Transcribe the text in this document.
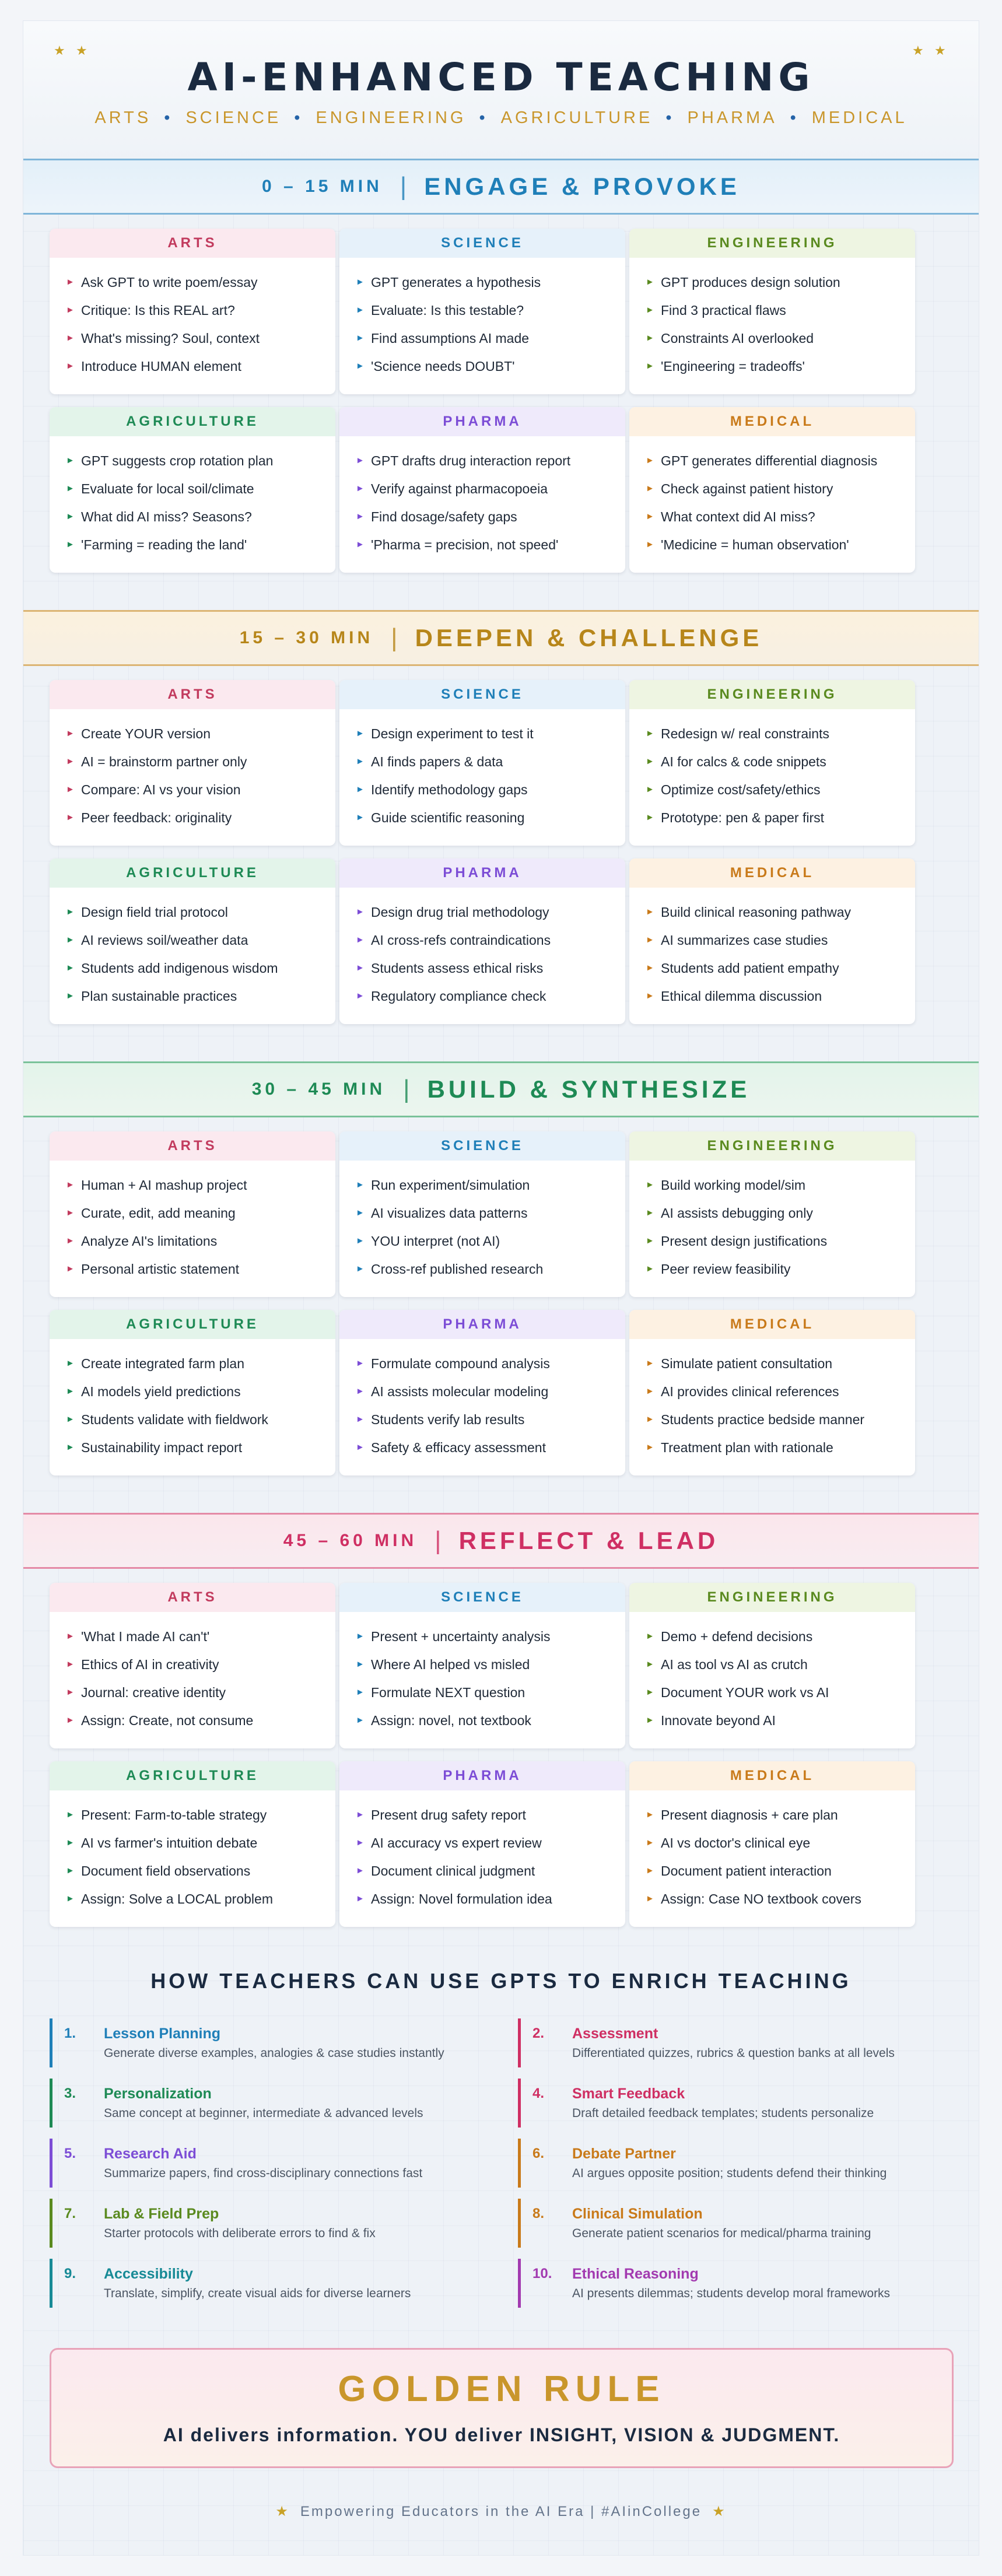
★ ★	★ ★
AI-ENHANCED TEACHING
ARTS • SCIENCE • ENGINEERING • AGRICULTURE • PHARMA • MEDICAL
0 – 15 MIN | ENGAGE & PROVOKE
ARTS
► Ask GPT to write poem/essay
► Critique: Is this REAL art?
► What's missing? Soul, context
► Introduce HUMAN element
SCIENCE
► GPT generates a hypothesis
► Evaluate: Is this testable?
► Find assumptions AI made
► 'Science needs DOUBT'
ENGINEERING
► GPT produces design solution
► Find 3 practical flaws
► Constraints AI overlooked
► 'Engineering = tradeoffs'
AGRICULTURE
► GPT suggests crop rotation plan
► Evaluate for local soil/climate
► What did AI miss? Seasons?
► 'Farming = reading the land'
PHARMA
► GPT drafts drug interaction report
► Verify against pharmacopoeia
► Find dosage/safety gaps
► 'Pharma = precision, not speed'
MEDICAL
► GPT generates differential diagnosis
► Check against patient history
► What context did AI miss?
► 'Medicine = human observation'
15 – 30 MIN | DEEPEN & CHALLENGE
ARTS
► Create YOUR version
► AI = brainstorm partner only
► Compare: AI vs your vision
► Peer feedback: originality
SCIENCE
► Design experiment to test it
► AI finds papers & data
► Identify methodology gaps
► Guide scientific reasoning
ENGINEERING
► Redesign w/ real constraints
► AI for calcs & code snippets
► Optimize cost/safety/ethics
► Prototype: pen & paper first
AGRICULTURE
► Design field trial protocol
► AI reviews soil/weather data
► Students add indigenous wisdom
► Plan sustainable practices
PHARMA
► Design drug trial methodology
► AI cross-refs contraindications
► Students assess ethical risks
► Regulatory compliance check
MEDICAL
► Build clinical reasoning pathway
► AI summarizes case studies
► Students add patient empathy
► Ethical dilemma discussion
30 – 45 MIN | BUILD & SYNTHESIZE
ARTS
► Human + AI mashup project
► Curate, edit, add meaning
► Analyze AI's limitations
► Personal artistic statement
SCIENCE
► Run experiment/simulation
► AI visualizes data patterns
► YOU interpret (not AI)
► Cross-ref published research
ENGINEERING
► Build working model/sim
► AI assists debugging only
► Present design justifications
► Peer review feasibility
AGRICULTURE
► Create integrated farm plan
► AI models yield predictions
► Students validate with fieldwork
► Sustainability impact report
PHARMA
► Formulate compound analysis
► AI assists molecular modeling
► Students verify lab results
► Safety & efficacy assessment
MEDICAL
► Simulate patient consultation
► AI provides clinical references
► Students practice bedside manner
► Treatment plan with rationale
45 – 60 MIN | REFLECT & LEAD
ARTS
► 'What I made AI can't'
► Ethics of AI in creativity
► Journal: creative identity
► Assign: Create, not consume
SCIENCE
► Present + uncertainty analysis
► Where AI helped vs misled
► Formulate NEXT question
► Assign: novel, not textbook
ENGINEERING
► Demo + defend decisions
► AI as tool vs AI as crutch
► Document YOUR work vs AI
► Innovate beyond AI
AGRICULTURE
► Present: Farm-to-table strategy
► AI vs farmer's intuition debate
► Document field observations
► Assign: Solve a LOCAL problem
PHARMA
► Present drug safety report
► AI accuracy vs expert review
► Document clinical judgment
► Assign: Novel formulation idea
MEDICAL
► Present diagnosis + care plan
► AI vs doctor's clinical eye
► Document patient interaction
► Assign: Case NO textbook covers
HOW TEACHERS CAN USE GPTS TO ENRICH TEACHING
1. Lesson Planning
Generate diverse examples, analogies & case studies instantly
2. Assessment
Differentiated quizzes, rubrics & question banks at all levels
3. Personalization
Same concept at beginner, intermediate & advanced levels
4. Smart Feedback
Draft detailed feedback templates; students personalize
5. Research Aid
Summarize papers, find cross-disciplinary connections fast
6. Debate Partner
AI argues opposite position; students defend their thinking
7. Lab & Field Prep
Starter protocols with deliberate errors to find & fix
8. Clinical Simulation
Generate patient scenarios for medical/pharma training
9. Accessibility
Translate, simplify, create visual aids for diverse learners
10. Ethical Reasoning
AI presents dilemmas; students develop moral frameworks
GOLDEN RULE
AI delivers information. YOU deliver INSIGHT, VISION & JUDGMENT.
★ Empowering Educators in the AI Era | #AIinCollege ★
